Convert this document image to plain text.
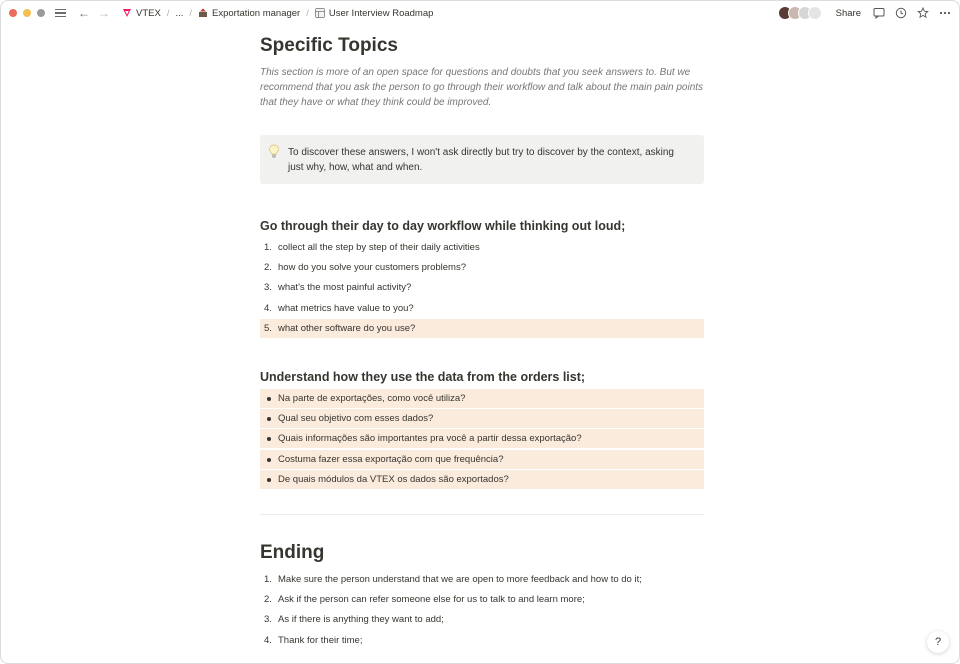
← →	VTEX / ... / Exportation manager / User Interview Roadmap	Share
Specific Topics

This section is more of an open space for questions and doubts that you seek answers to. But we recommend that you ask the person to go through their workflow and talk about the main pain points that they have or what they think could be improved.

To discover these answers, I won't ask directly but try to discover by the context, asking just why, how, what and when.

Go through their day to day workflow while thinking out loud;
1. collect all the step by step of their daily activities
2. how do you solve your customers problems?
3. what's the most painful activity?
4. what metrics have value to you?
5. what other software do you use?
Understand how they use the data from the orders list;
Na parte de exportações, como você utiliza?
Qual seu objetivo com esses dados?
Quais informações são importantes pra você a partir dessa exportação?
Costuma fazer essa exportação com que frequência?
De quais módulos da VTEX os dados são exportados?
Ending
1. Make sure the person understand that we are open to more feedback and how to do it;
2. Ask if the person can refer someone else for us to talk to and learn more;
3. As if there is anything they want to add;
4. Thank for their time;	?
